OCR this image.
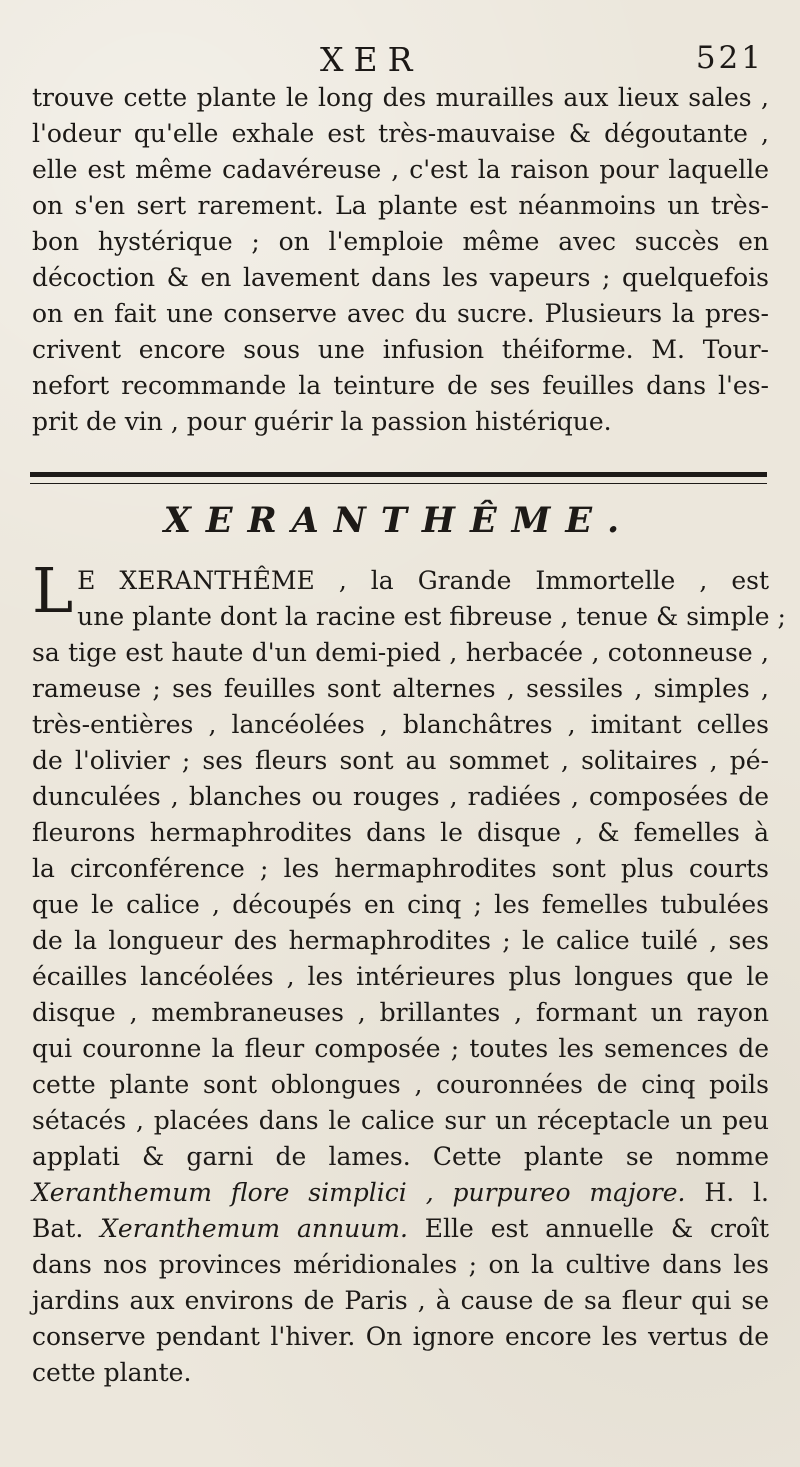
XER	521
trouve cette plante le long des murailles aux lieux sales ,
l'odeur qu'elle exhale est très-mauvaise & dégoutante ,
elle est même cadavéreuse , c'est la raison pour laquelle
on s'en sert rarement. La plante est néanmoins un très-
bon hystérique ; on l'emploie même avec succès en
décoction & en lavement dans les vapeurs ; quelquefois
on en fait une conserve avec du sucre. Plusieurs la pres-
crivent encore sous une infusion théiforme. M. Tour-
nefort recommande la teinture de ses feuilles dans l'es-
prit de vin , pour guérir la passion histérique.
XERANTHÊME.
L E XERANTHÊME , la Grande Immortelle , est
une plante dont la racine est fibreuse , tenue & simple ;
sa tige est haute d'un demi-pied , herbacée , cotonneuse ,
rameuse ; ses feuilles sont alternes , sessiles , simples ,
très-entières , lancéolées , blanchâtres , imitant celles
de l'olivier ; ses fleurs sont au sommet , solitaires , pé-
dunculées , blanches ou rouges , radiées , composées de
fleurons hermaphrodites dans le disque , & femelles à
la circonférence ; les hermaphrodites sont plus courts
que le calice , découpés en cinq ; les femelles tubulées
de la longueur des hermaphrodites ; le calice tuilé , ses
écailles lancéolées , les intérieures plus longues que le
disque , membraneuses , brillantes , formant un rayon
qui couronne la fleur composée ; toutes les semences de
cette plante sont oblongues , couronnées de cinq poils
sétacés , placées dans le calice sur un réceptacle un peu
applati & garni de lames. Cette plante se nomme
Xeranthemum flore simplici , purpureo majore. H. l.
Bat. Xeranthemum annuum. Elle est annuelle & croît
dans nos provinces méridionales ; on la cultive dans les
jardins aux environs de Paris , à cause de sa fleur qui se
conserve pendant l'hiver. On ignore encore les vertus de
cette plante.
